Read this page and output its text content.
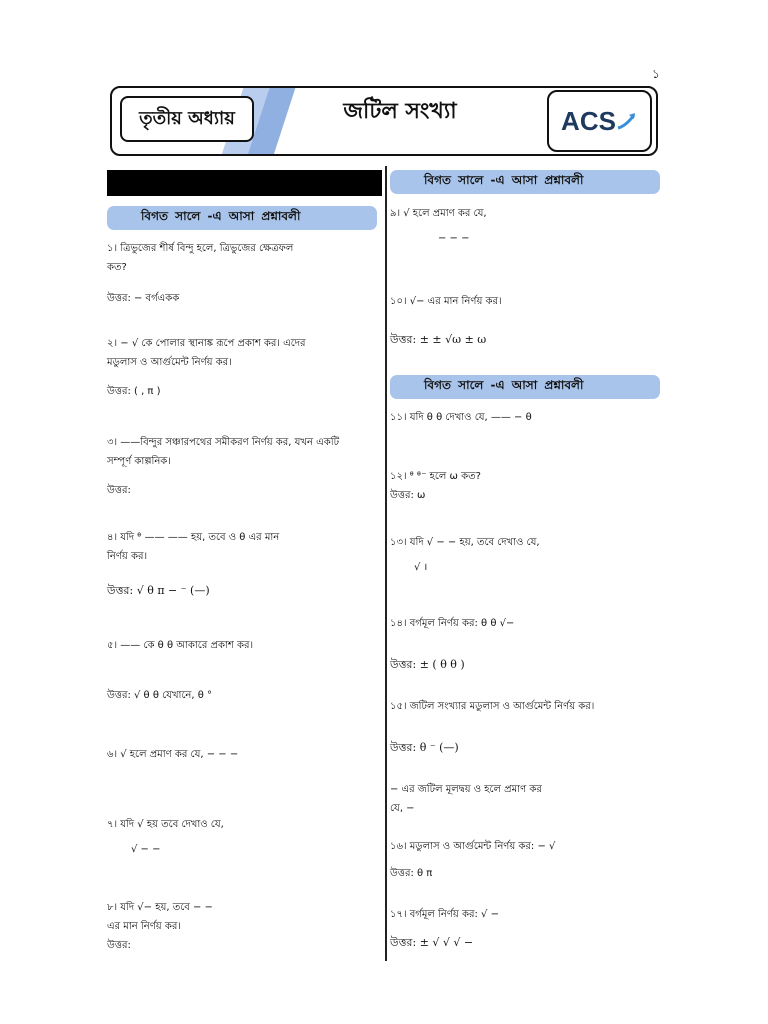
১
তৃতীয় অধ্যায়	জটিল সংখ্যা	ACS
বিগত সালে -এ আসা প্রশ্নাবলী
বিগত সালে -এ আসা প্রশ্নাবলী
বিগত সালে -এ আসা প্রশ্নাবলী
১। ত্রিভুজের শীর্ষ বিন্দু হলে, ত্রিভুজের ক্ষেত্রফল
কত?
উত্তর: − বর্গএকক
২। − √ কে পোলার স্থানাঙ্ক রূপে প্রকাশ কর। এদের
মডুলাস ও আর্গুমেন্ট নির্ণয় কর।
উত্তর: ( , π )
৩। ——বিন্দুর সঞ্চারপথের সমীকরণ নির্ণয় কর, যখন একটি
সম্পূর্ণ কাল্পনিক।
উত্তর:
৪। যদি ᶿ —— —— হয়, তবে ও θ এর মান
নির্ণয় কর।
উত্তর: √ θ π − ⁻ (—)
৫। —— কে θ θ আকারে প্রকাশ কর।
উত্তর: √ θ θ যেখানে, θ °
৬। √ হলে প্রমাণ কর যে, − − −
৭। যদি √ হয় তবে দেখাও যে,
√ − −
৮। যদি √− হয়, তবে − −
এর মান নির্ণয় কর।
উত্তর:
৯। √ হলে প্রমাণ কর যে,
− − −
১০। √− এর মান নির্ণয় কর।
উত্তর: ± ± √ω ± ω
১১। যদি θ θ দেখাও যে, —— − θ
১২। ᶿ ᶿ⁻ হলে ω কত?
উত্তর: ω
১৩। যদি √ − − হয়, তবে দেখাও যে,
√ ।
১৪। বর্গমূল নির্ণয় কর: θ θ √−
উত্তর: ± ( θ θ )
১৫। জটিল সংখ্যার মডুলাস ও আর্গুমেন্ট নির্ণয় কর।
উত্তর: θ ⁻ (—)
− এর জটিল মূলদ্বয় ও হলে প্রমাণ কর
যে, −
১৬। মডুলাস ও আর্গুমেন্ট নির্ণয় কর: − √
উত্তর: θ π
১৭। বর্গমূল নির্ণয় কর: √ −
উত্তর: ± √ √ √ −
